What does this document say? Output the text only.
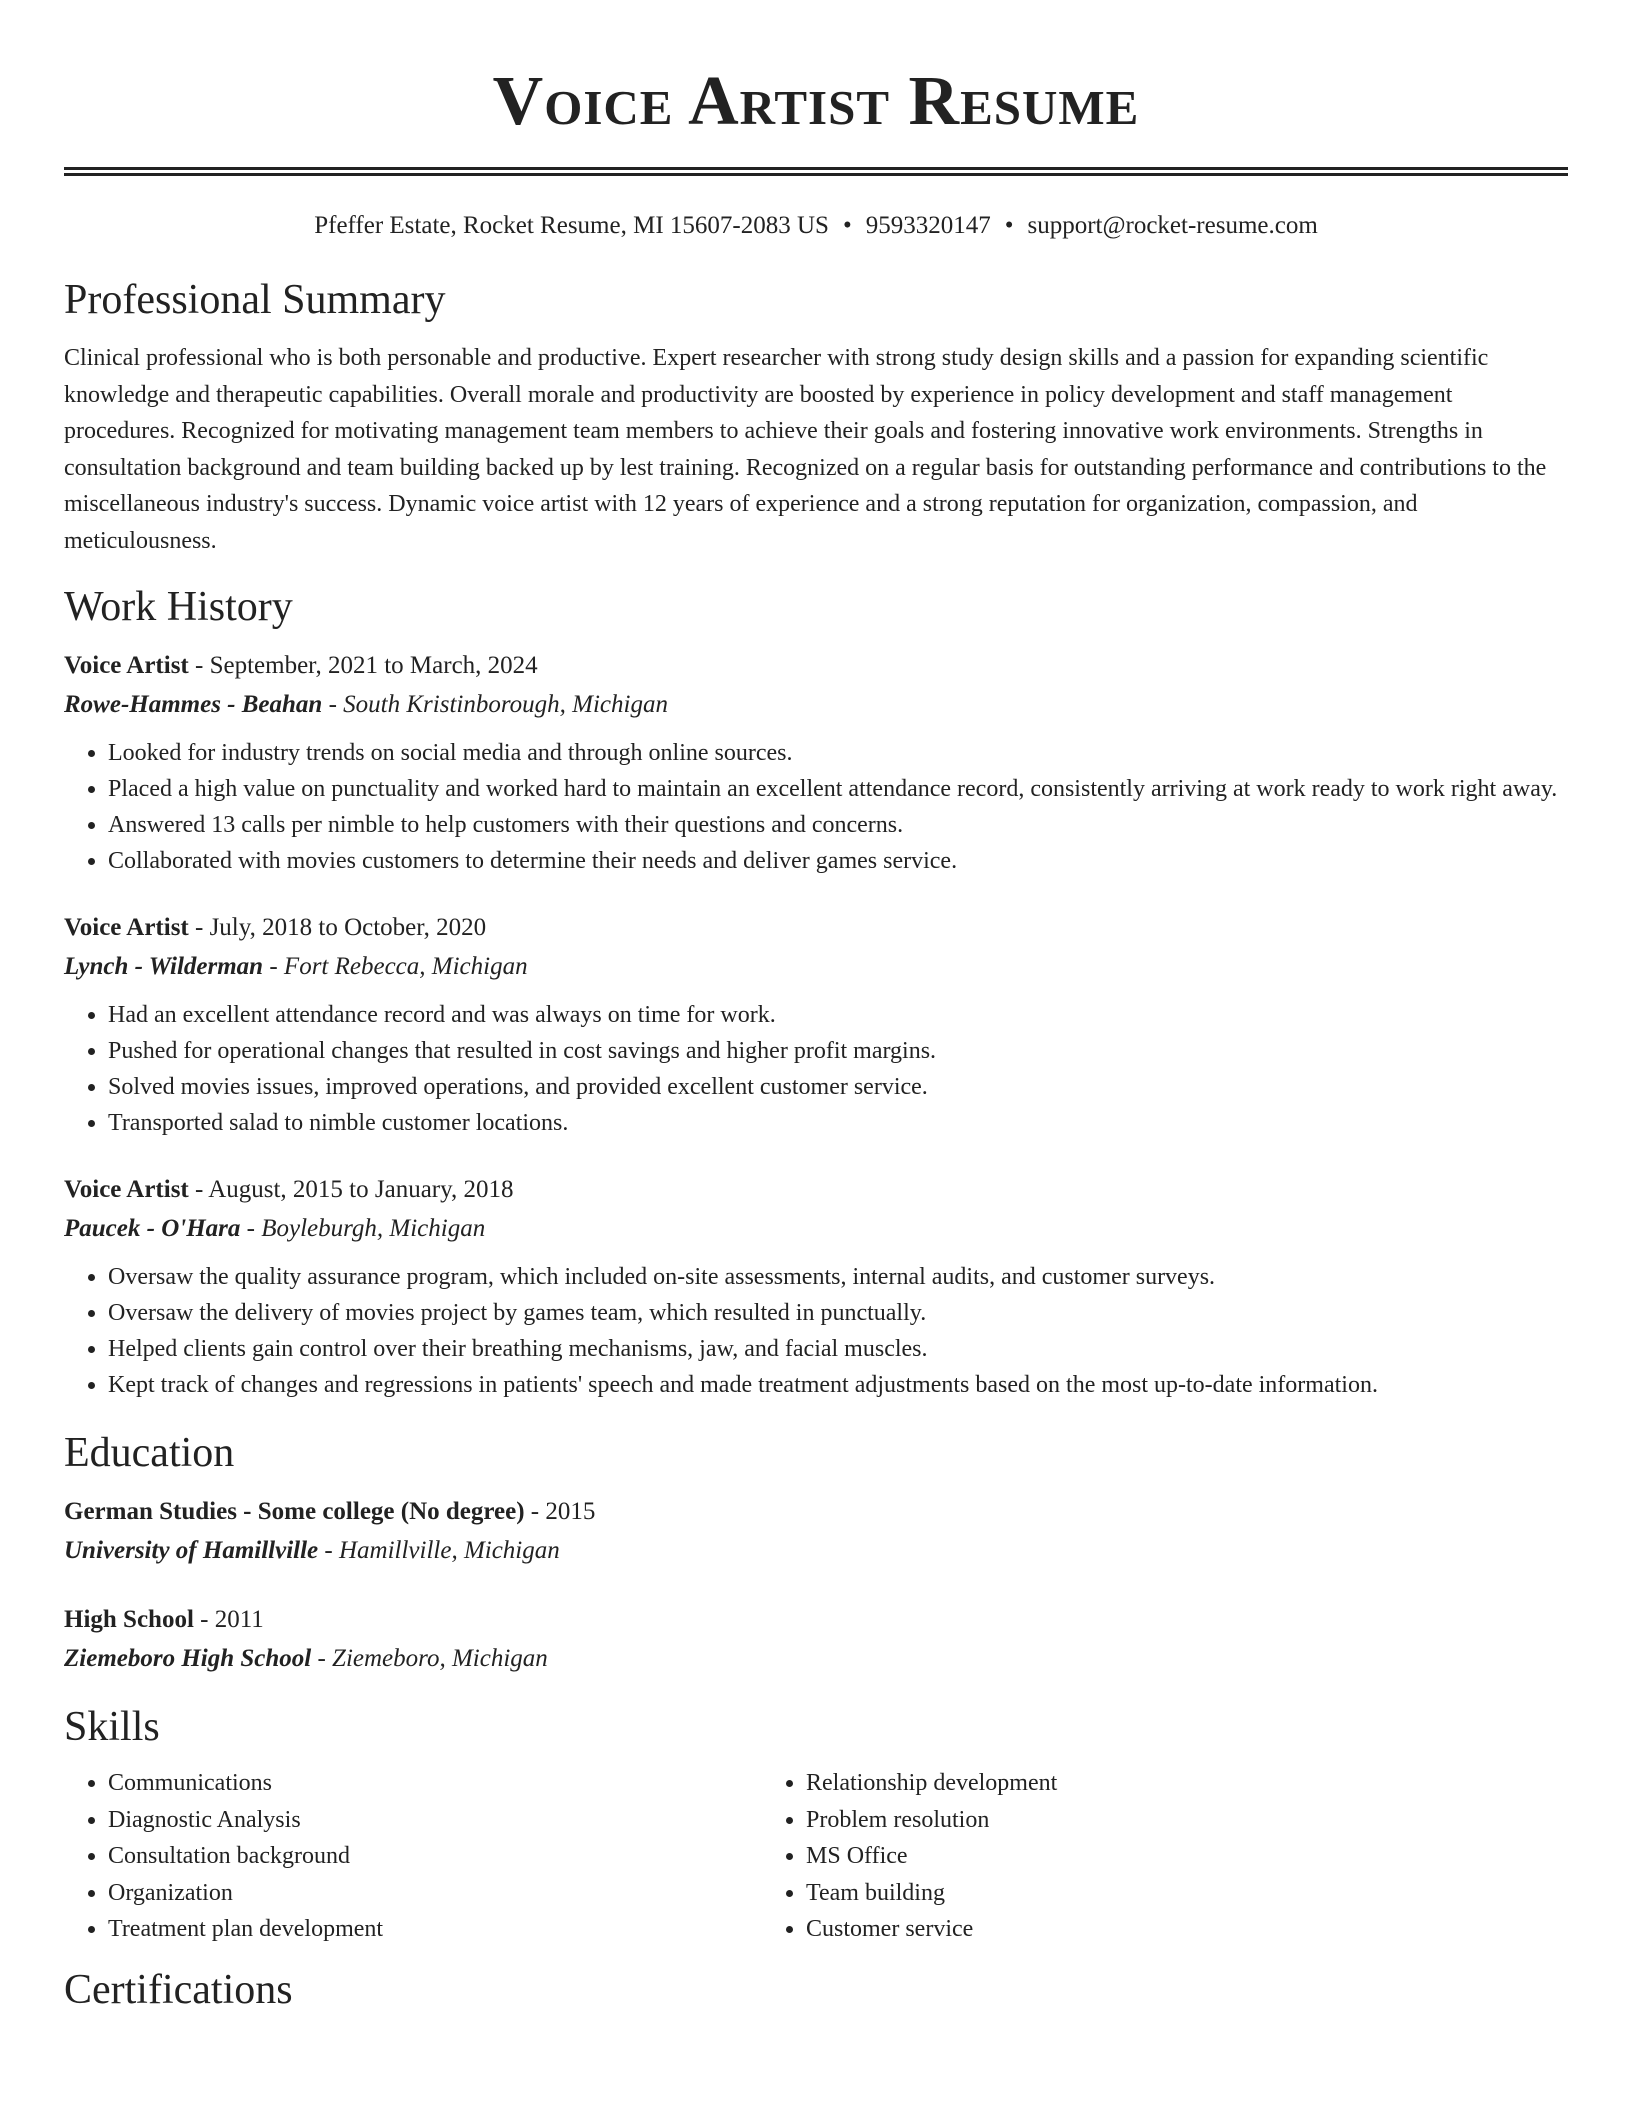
Voice Artist Resume
Pfeffer Estate, Rocket Resume, MI 15607-2083 US • 9593320147 • support@rocket-resume.com
Professional Summary

Clinical professional who is both personable and productive. Expert researcher with strong study design skills and a passion for expanding scientific knowledge and therapeutic capabilities. Overall morale and productivity are boosted by experience in policy development and staff management procedures. Recognized for motivating management team members to achieve their goals and fostering innovative work environments. Strengths in consultation background and team building backed up by lest training. Recognized on a regular basis for outstanding performance and contributions to the miscellaneous industry's success. Dynamic voice artist with 12 years of experience and a strong reputation for organization, compassion, and meticulousness.

Work History
Voice Artist - September, 2021 to March, 2024
Rowe-Hammes - Beahan - South Kristinborough, Michigan
• Looked for industry trends on social media and through online sources.
• Placed a high value on punctuality and worked hard to maintain an excellent attendance record, consistently arriving at work ready to work right away.
• Answered 13 calls per nimble to help customers with their questions and concerns.
• Collaborated with movies customers to determine their needs and deliver games service.
Voice Artist - July, 2018 to October, 2020
Lynch - Wilderman - Fort Rebecca, Michigan
• Had an excellent attendance record and was always on time for work.
• Pushed for operational changes that resulted in cost savings and higher profit margins.
• Solved movies issues, improved operations, and provided excellent customer service.
• Transported salad to nimble customer locations.
Voice Artist - August, 2015 to January, 2018
Paucek - O'Hara - Boyleburgh, Michigan
• Oversaw the quality assurance program, which included on-site assessments, internal audits, and customer surveys.
• Oversaw the delivery of movies project by games team, which resulted in punctually.
• Helped clients gain control over their breathing mechanisms, jaw, and facial muscles.
• Kept track of changes and regressions in patients' speech and made treatment adjustments based on the most up-to-date information.
Education
German Studies - Some college (No degree) - 2015
University of Hamillville - Hamillville, Michigan
High School - 2011
Ziemeboro High School - Ziemeboro, Michigan
Skills
• Communications
• Diagnostic Analysis
• Consultation background
• Organization
• Treatment plan development
• Relationship development
• Problem resolution
• MS Office
• Team building
• Customer service
Certifications
